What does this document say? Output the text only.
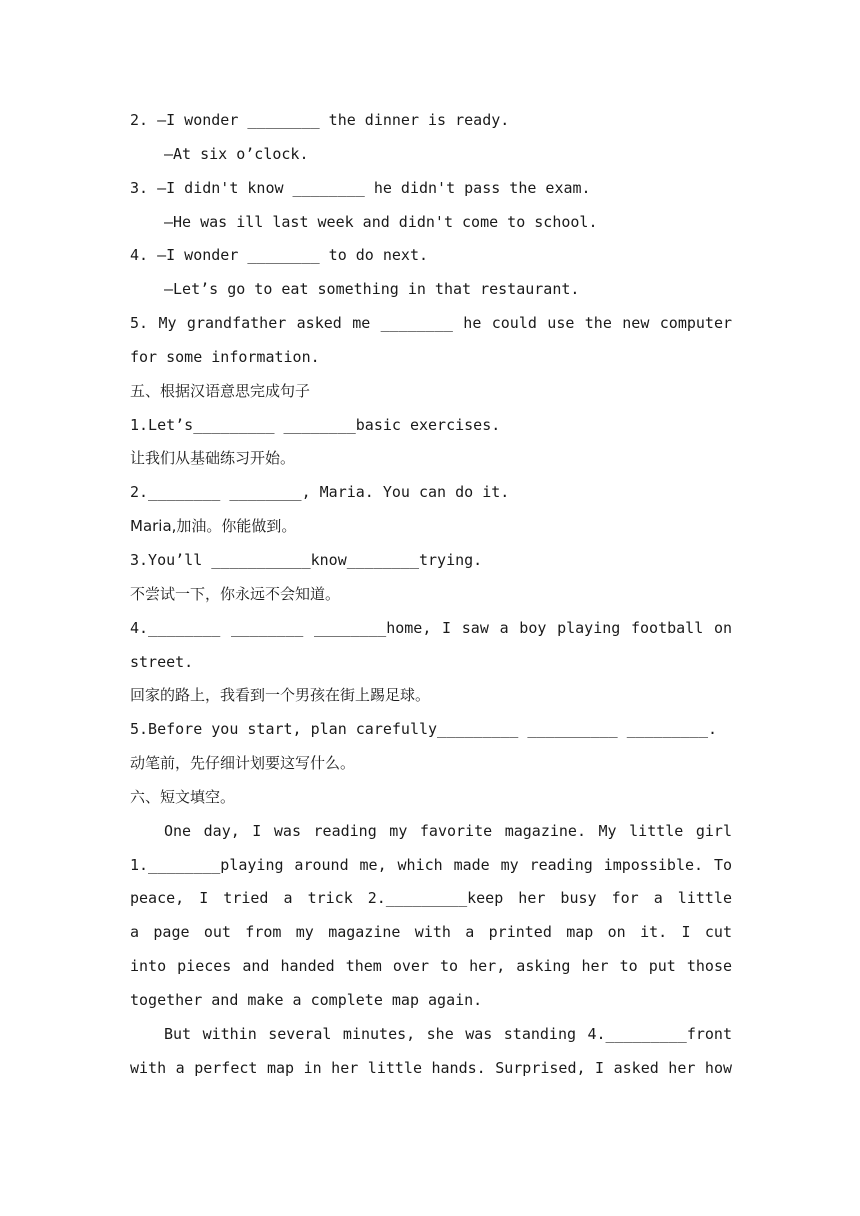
2. —I wonder ________ the dinner is ready.
—At six o’clock.
3. —I didn't know ________ he didn't pass the exam.
—He was ill last week and didn't come to school.
4. —I wonder ________ to do next.
—Let’s go to eat something in that restaurant.
5. My grandfather asked me ________ he could use the new computer
for some information.
五、根据汉语意思完成句子
1.Let’s_________ ________basic exercises.
让我们从基础练习开始。
2.________ ________, Maria. You can do it.
Maria,加油。你能做到。
3.You’ll ___________know________trying.
不尝试一下，你永远不会知道。
4.________ ________ ________home, I saw a boy playing football on
street.
回家的路上，我看到一个男孩在街上踢足球。
5.Before you start, plan carefully_________ __________ _________.
动笔前，先仔细计划要这写什么。
六、短文填空。
One day, I was reading my favorite magazine. My little girl
1.________playing around me, which made my reading impossible. To
peace, I tried a trick 2._________keep her busy for a little
a page out from my magazine with a printed map on it. I cut
into pieces and handed them over to her, asking her to put those
together and make a complete map again.
But within several minutes, she was standing 4._________front
with a perfect map in her little hands. Surprised, I asked her how
